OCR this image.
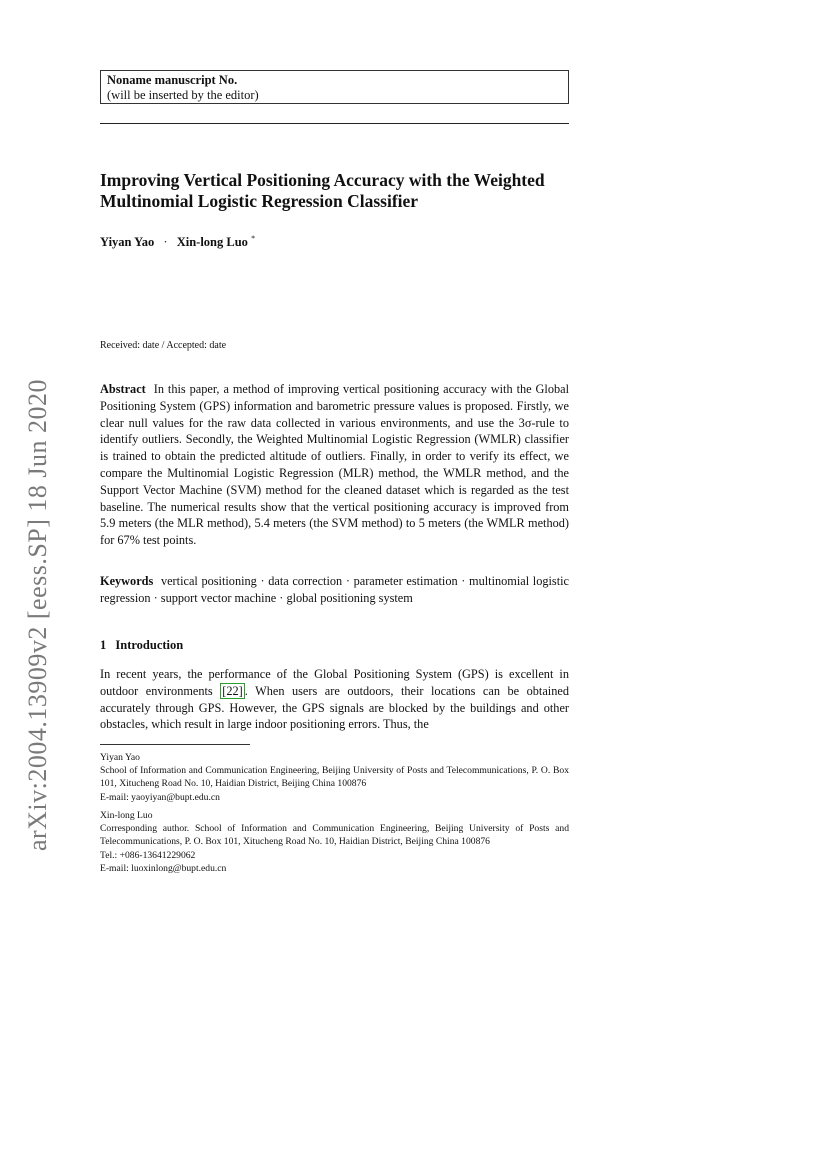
arXiv:2004.13909v2 [eess.SP] 18 Jun 2020
Noname manuscript No.
(will be inserted by the editor)
Improving Vertical Positioning Accuracy with the Weighted Multinomial Logistic Regression Classifier
Yiyan Yao · Xin-long Luo *
Received: date / Accepted: date
Abstract In this paper, a method of improving vertical positioning accuracy with the Global Positioning System (GPS) information and barometric pressure values is proposed. Firstly, we clear null values for the raw data collected in various environments, and use the 3σ-rule to identify outliers. Secondly, the Weighted Multinomial Logistic Regression (WMLR) classifier is trained to obtain the predicted altitude of outliers. Finally, in order to verify its effect, we compare the Multinomial Logistic Regression (MLR) method, the WMLR method, and the Support Vector Machine (SVM) method for the cleaned dataset which is regarded as the test baseline. The numerical results show that the vertical positioning accuracy is improved from 5.9 meters (the MLR method), 5.4 meters (the SVM method) to 5 meters (the WMLR method) for 67% test points.
Keywords vertical positioning · data correction · parameter estimation · multinomial logistic regression · support vector machine · global positioning system
1 Introduction
In recent years, the performance of the Global Positioning System (GPS) is excellent in outdoor environments [22] . When users are outdoors, their locations can be obtained accurately through GPS. However, the GPS signals are blocked by the buildings and other obstacles, which result in large indoor positioning errors. Thus, the
Yiyan Yao
School of Information and Communication Engineering, Beijing University of Posts and Telecommunications, P. O. Box 101, Xitucheng Road No. 10, Haidian District, Beijing China 100876
E-mail: yaoyiyan@bupt.edu.cn
Xin-long Luo
Corresponding author. School of Information and Communication Engineering, Beijing University of Posts and Telecommunications, P. O. Box 101, Xitucheng Road No. 10, Haidian District, Beijing China 100876
Tel.: +086-13641229062
E-mail: luoxinlong@bupt.edu.cn
